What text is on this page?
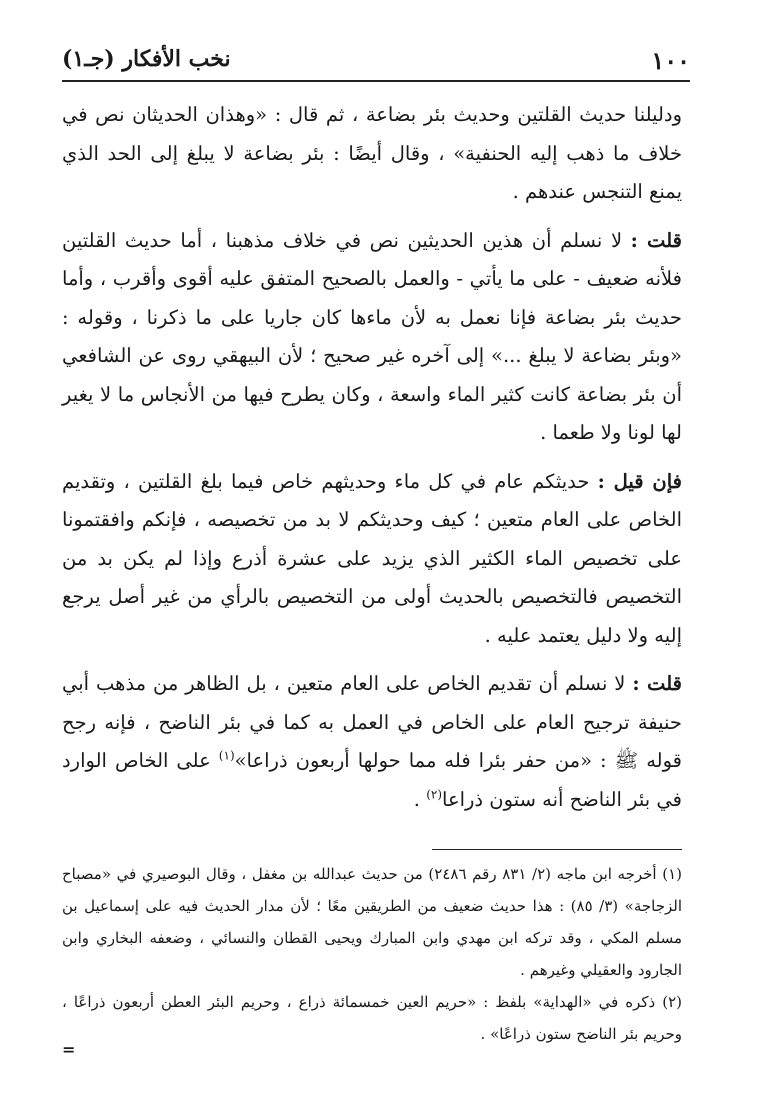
١٠٠
نخب الأفكار (جـ١)

ودليلنا حديث القلتين وحديث بئر بضاعة ، ثم قال : «وهذان الحديثان نص في خلاف ما ذهب إليه الحنفية» ، وقال أيضًا : بئر بضاعة لا يبلغ إلى الحد الذي يمنع التنجس عندهم .

قلت : لا نسلم أن هذين الحديثين نص في خلاف مذهبنا ، أما حديث القلتين فلأنه ضعيف - على ما يأتي - والعمل بالصحيح المتفق عليه أقوى وأقرب ، وأما حديث بئر بضاعة فإنا نعمل به لأن ماءها كان جاريا على ما ذكرنا ، وقوله : «وبئر بضاعة لا يبلغ ...» إلى آخره غير صحيح ؛ لأن البيهقي روى عن الشافعي أن بئر بضاعة كانت كثير الماء واسعة ، وكان يطرح فيها من الأنجاس ما لا يغير لها لونا ولا طعما .

فإن قيل : حديثكم عام في كل ماء وحديثهم خاص فيما بلغ القلتين ، وتقديم الخاص على العام متعين ؛ كيف وحديثكم لا بد من تخصيصه ، فإنكم وافقتمونا على تخصيص الماء الكثير الذي يزيد على عشرة أذرع وإذا لم يكن بد من التخصيص فالتخصيص بالحديث أولى من التخصيص بالرأي من غير أصل يرجع إليه ولا دليل يعتمد عليه .

قلت : لا نسلم أن تقديم الخاص على العام متعين ، بل الظاهر من مذهب أبي حنيفة ترجيح العام على الخاص في العمل به كما في بئر الناضح ، فإنه رجح قوله ﷺ : «من حفر بئرا فله مما حولها أربعون ذراعا»$^{(١)}$ على الخاص الوارد في بئر الناضح أنه ستون ذراعا$^{(٢)}$ .

(١) أخرجه ابن ماجه (٢/ ٨٣١ رقم ٢٤٨٦) من حديث عبدالله بن مغفل ، وقال البوصيري في «مصباح الزجاجة» (٣/ ٨٥) : هذا حديث ضعيف من الطريقين معًا ؛ لأن مدار الحديث فيه على إسماعيل بن مسلم المكي ، وقد تركه ابن مهدي وابن المبارك ويحيى القطان والنسائي ، وضعفه البخاري وابن الجارود والعقيلي وغيرهم .

(٢) ذكره في «الهداية» بلفظ : «حريم العين خمسمائة ذراع ، وحريم البئر العطن أربعون ذراعًا ، وحريم بئر الناضح ستون ذراعًا» .

=
